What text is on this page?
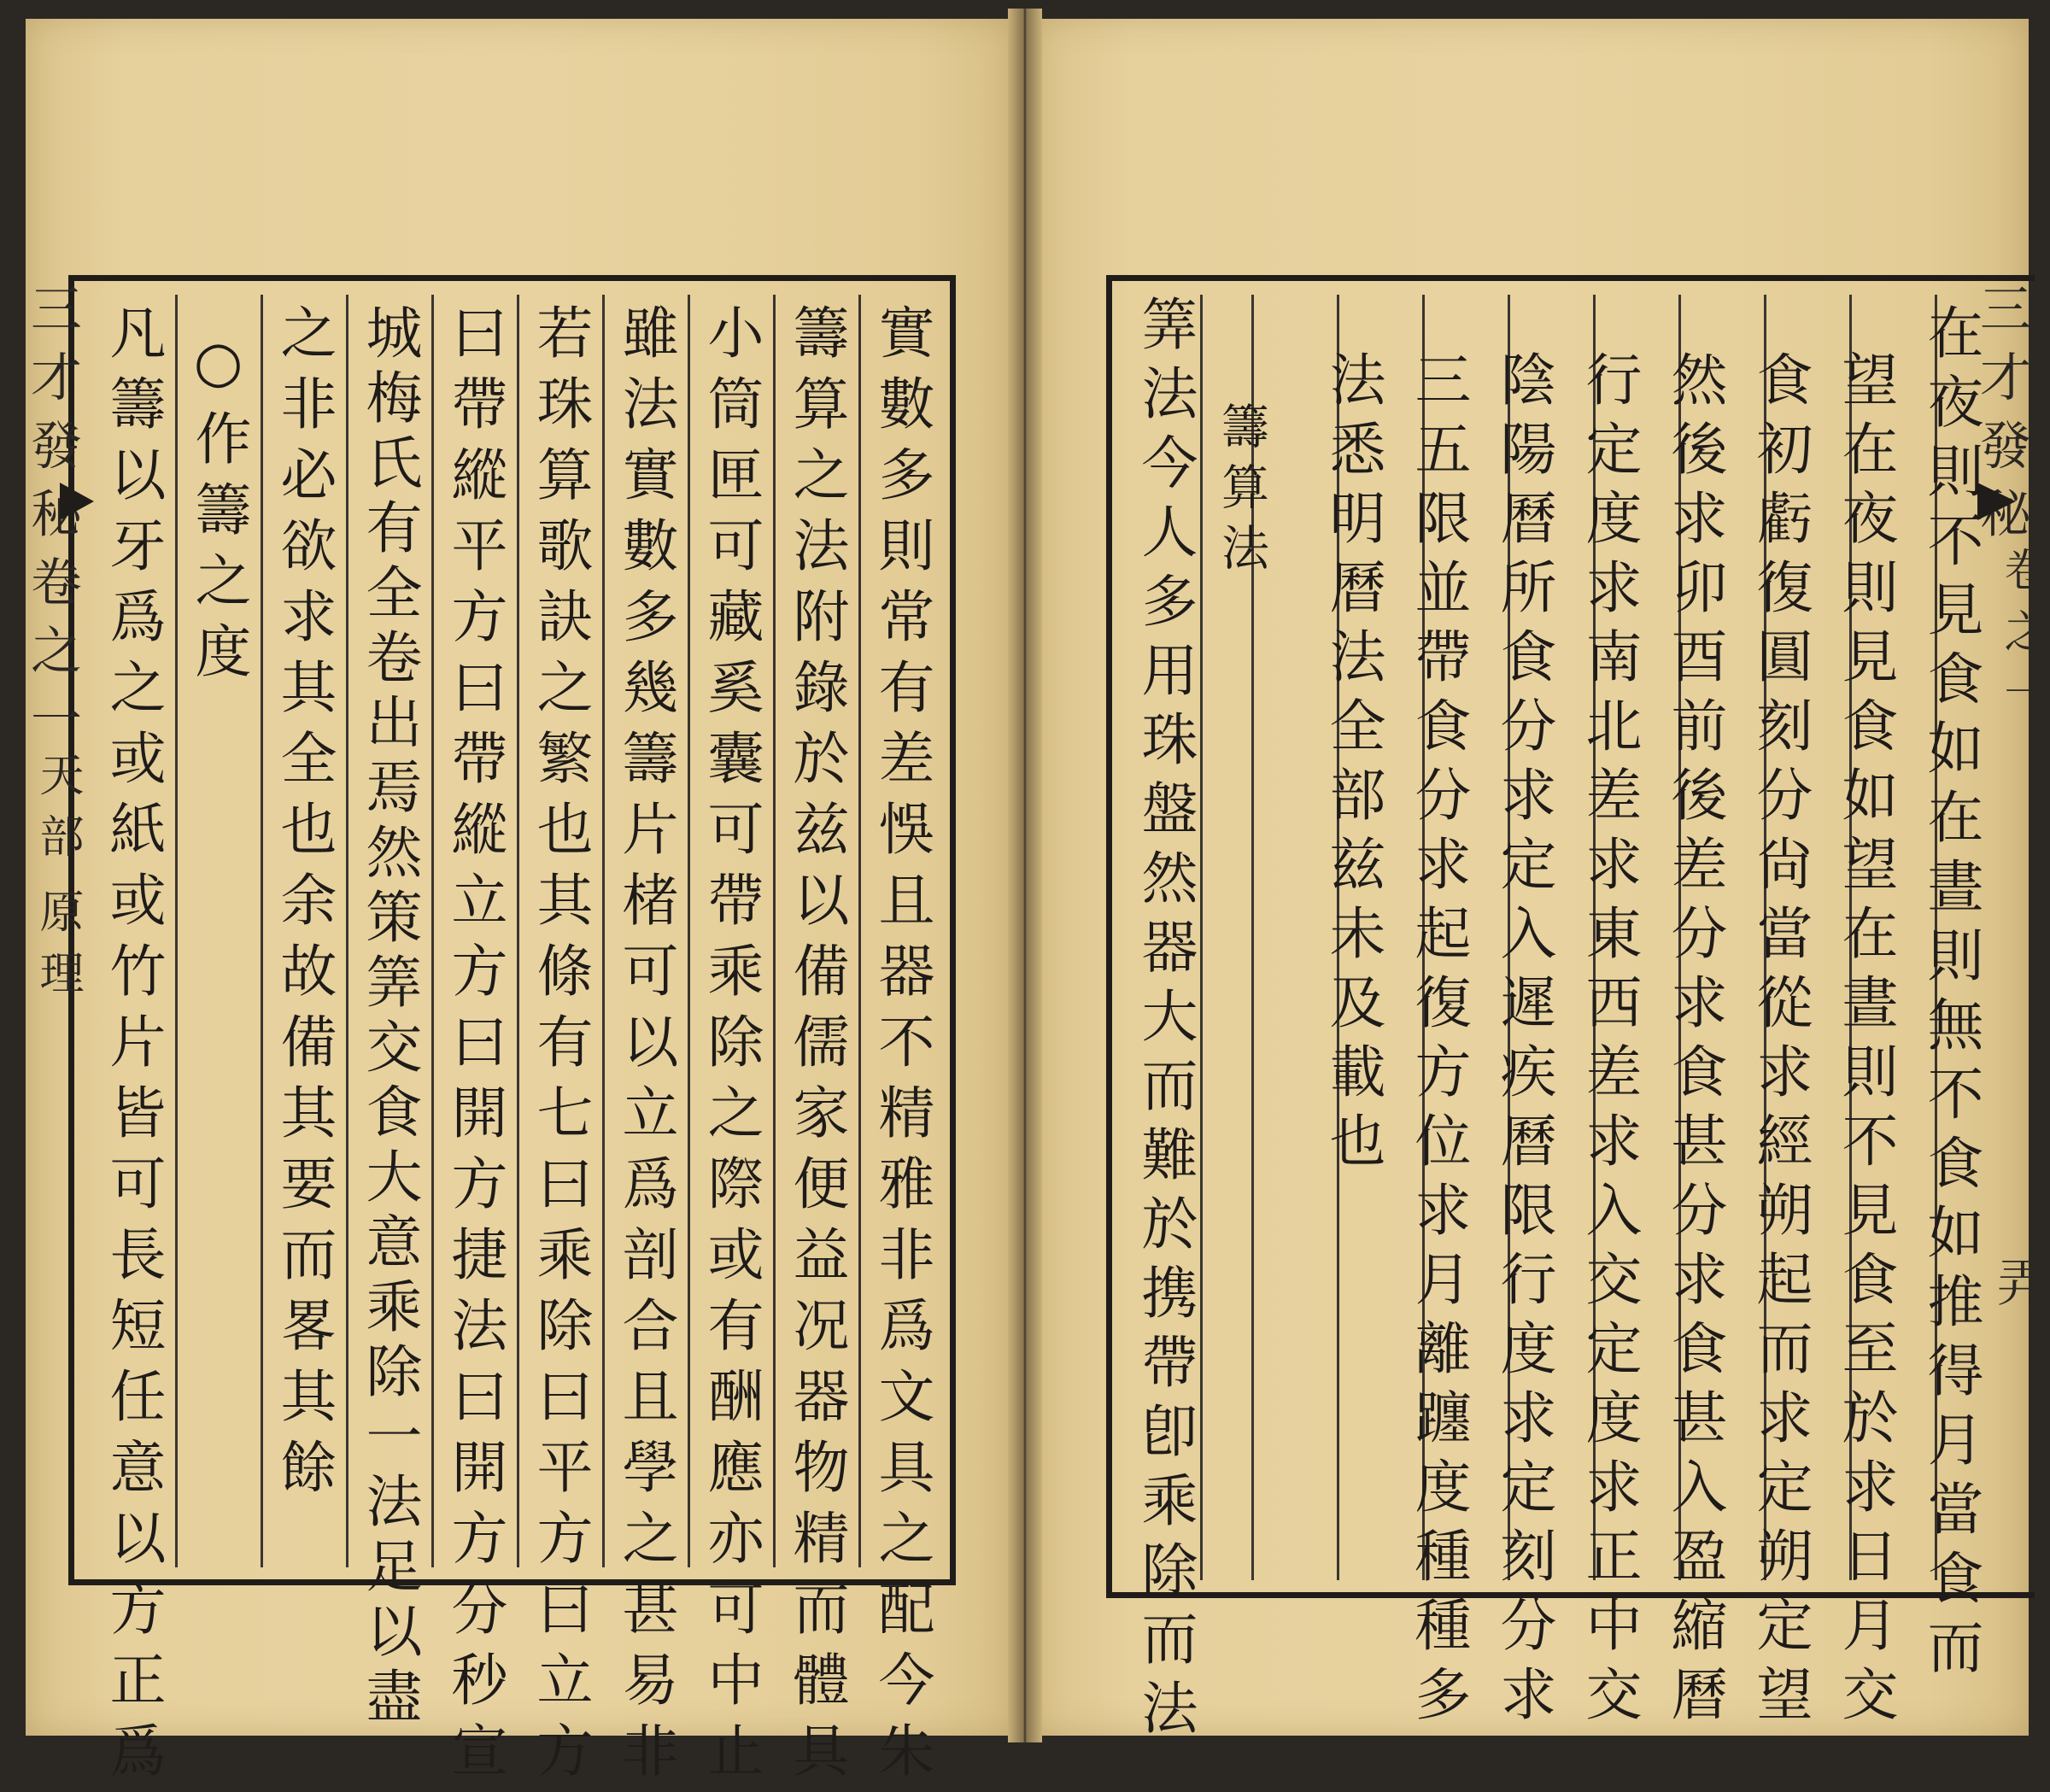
三才發秘
卷之一
天部
原理	實數多則常有差悞且器不精雅非爲文具之配今朱
籌算之法附錄於兹以備儒家便益况器物精而體具
小筒匣可藏奚囊可帶乘除之際或有酬應亦可中止
雖法實數多幾籌片楮可以立爲剖合且學之甚易非
若珠算歌訣之繁也其條有七曰乘除曰平方曰立方
曰帶縱平方曰帶縱立方曰開方捷法曰開方分秒宣
城梅氏有全卷出焉然策筭交食大意乘除一法足以盡
之非必欲求其全也余故備其要而畧其餘
○作籌之度
凡籌以牙爲之或紙或竹片皆可長短任意以方正爲	三才發秘
卷之一
弄
在夜則不見食如在晝則無不食如推得月當食而
望在夜則見食如望在晝則不見食至於求日月交
食初虧復圓刻分尙當從求經朔起而求定朔定望
然後求卯酉前後差分求食甚分求食甚入盈縮曆
行定度求南北差求東西差求入交定度求正中交
陰陽曆所食分求定入遲疾曆限行度求定刻分求
三五限並帶食分求起復方位求月離躔度種種多
法悉明曆法全部兹未及載也
籌算法
筭法今人多用珠盤然器大而難於携帶卽乘除而法
